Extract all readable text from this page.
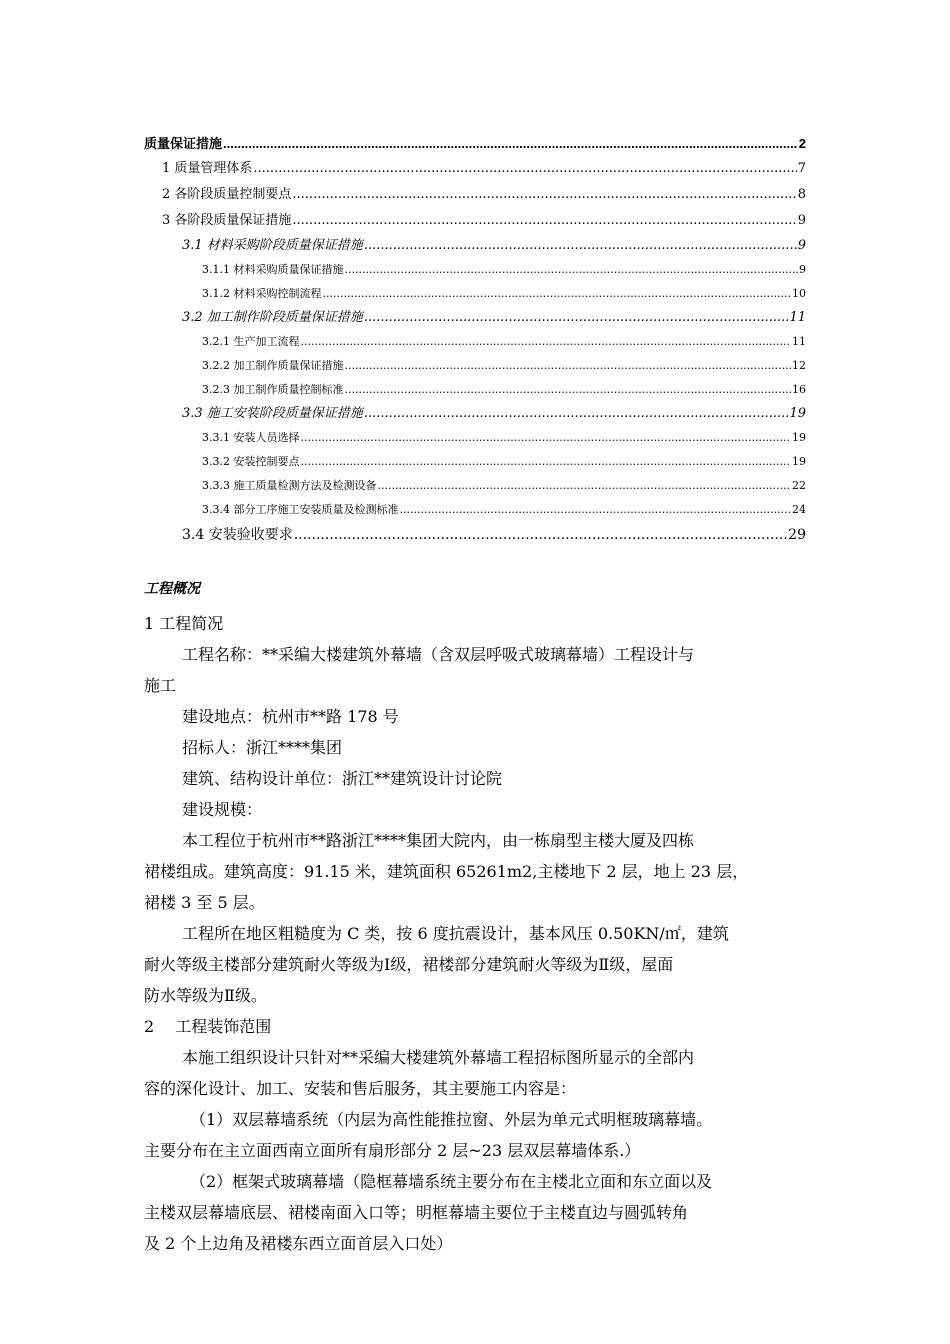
质量保证措施 .....	2
1 质量管理体系 .....	7
2 各阶段质量控制要点 .....	8
3 各阶段质量保证措施 .....	9
3.1 材料采购阶段质量保证措施 .....	9
3.1.1 材料采购质量保证措施 .....	9
3.1.2 材料采购控制流程 .....	10
3.2 加工制作阶段质量保证措施 .....	11
3.2.1 生产加工流程 .....	11
3.2.2 加工制作质量保证措施 .....	12
3.2.3 加工制作质量控制标准 .....	16
3.3 施工安装阶段质量保证措施 .....	19
3.3.1 安装人员选择 .....	19
3.3.2 安装控制要点 .....	19
3.3.3 施工质量检测方法及检测设备 .....	22
3.3.4 部分工序施工安装质量及检测标准 .....	24
3.4 安装验收要求 .....	29
工程概况
1 工程简况
工程名称：**采编大楼建筑外幕墙（含双层呼吸式玻璃幕墙）工程设计与
施工
建设地点：杭州市**路 178 号
招标人：浙江****集团
建筑、结构设计单位：浙江**建筑设计讨论院
建设规模：
本工程位于杭州市**路浙江****集团大院内，由一栋扇型主楼大厦及四栋
裙楼组成。建筑高度：91.15 米，建筑面积 65261m2,主楼地下 2 层，地上 23 层，
裙楼 3 至 5 层。
工程所在地区粗糙度为 C 类，按 6 度抗震设计，基本风压 0.50KN/㎡，建筑
耐火等级主楼部分建筑耐火等级为Ⅰ级，裙楼部分建筑耐火等级为Ⅱ级，屋面
防水等级为Ⅱ级。
2　 工程装饰范围
本施工组织设计只针对**采编大楼建筑外幕墙工程招标图所显示的全部内
容的深化设计、加工、安装和售后服务，其主要施工内容是：
（1）双层幕墙系统（内层为高性能推拉窗、外层为单元式明框玻璃幕墙。
主要分布在主立面西南立面所有扇形部分 2 层~23 层双层幕墙体系.）
（2）框架式玻璃幕墙（隐框幕墙系统主要分布在主楼北立面和东立面以及
主楼双层幕墙底层、裙楼南面入口等；明框幕墙主要位于主楼直边与圆弧转角
及 2 个上边角及裙楼东西立面首层入口处）
